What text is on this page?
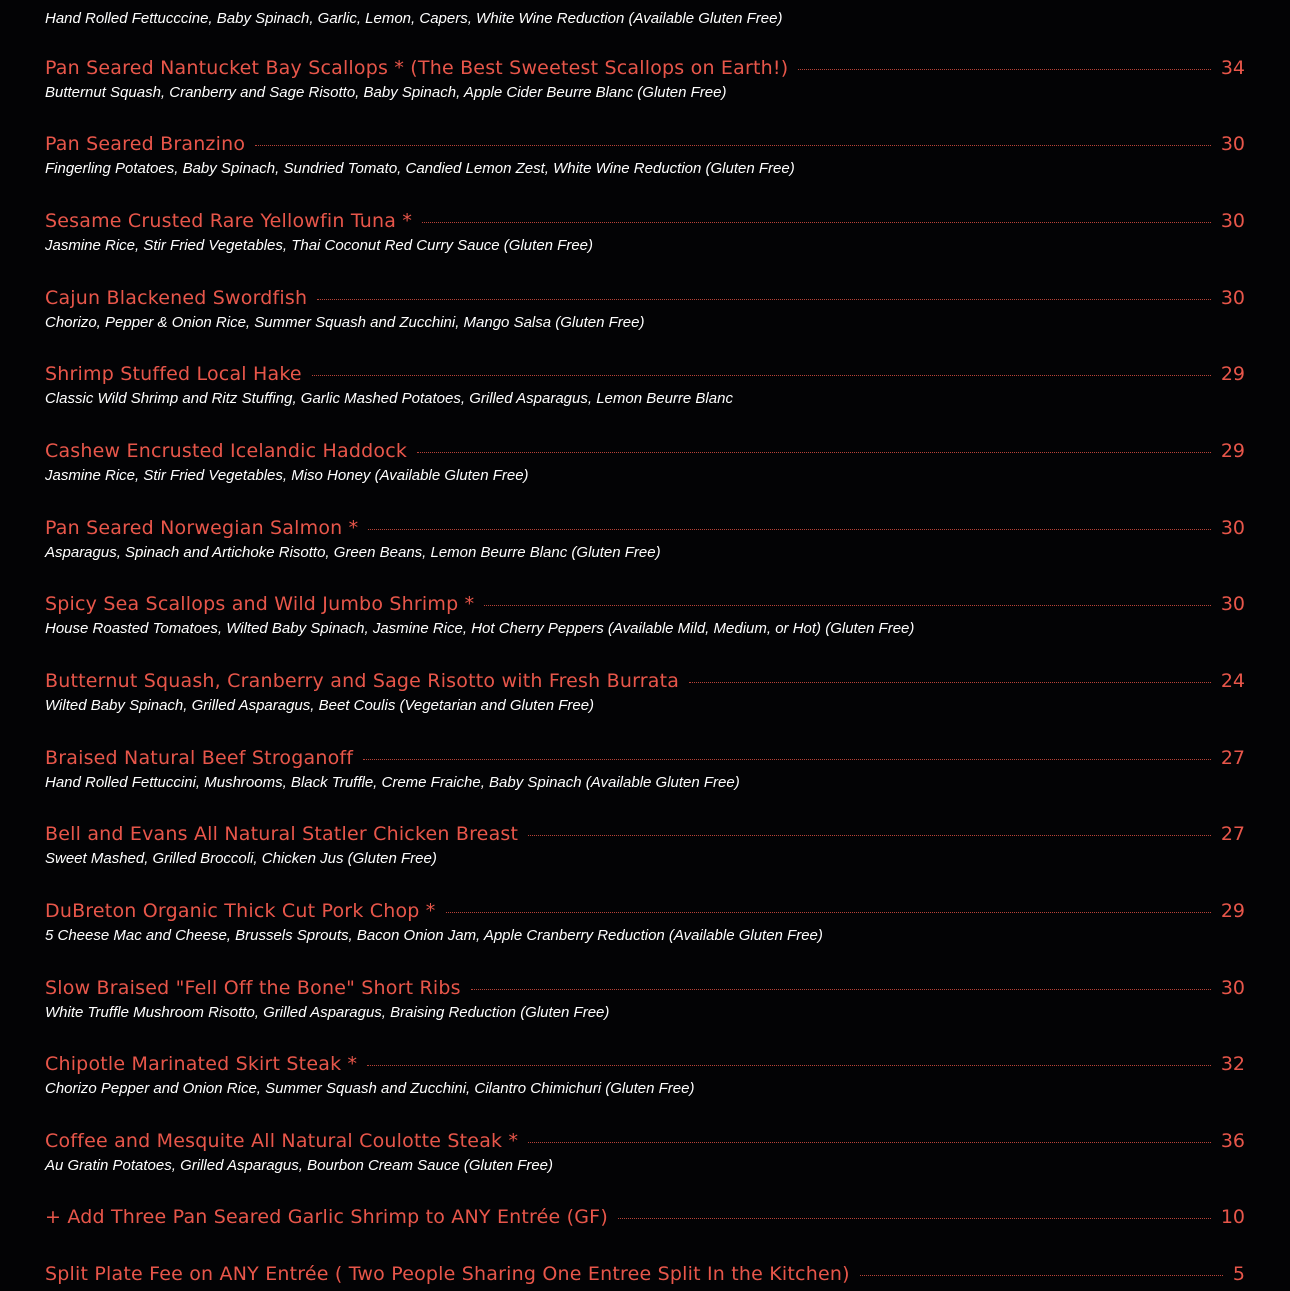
Hand Rolled Fettucccine, Baby Spinach, Garlic, Lemon, Capers, White Wine Reduction (Available Gluten Free)
Pan Seared Nantucket Bay Scallops * (The Best Sweetest Scallops on Earth!)	34
Butternut Squash, Cranberry and Sage Risotto, Baby Spinach, Apple Cider Beurre Blanc (Gluten Free)
Pan Seared Branzino	30
Fingerling Potatoes, Baby Spinach, Sundried Tomato, Candied Lemon Zest, White Wine Reduction (Gluten Free)
Sesame Crusted Rare Yellowfin Tuna *	30
Jasmine Rice, Stir Fried Vegetables, Thai Coconut Red Curry Sauce (Gluten Free)
Cajun Blackened Swordfish	30
Chorizo, Pepper & Onion Rice, Summer Squash and Zucchini, Mango Salsa (Gluten Free)
Shrimp Stuffed Local Hake	29
Classic Wild Shrimp and Ritz Stuffing, Garlic Mashed Potatoes, Grilled Asparagus, Lemon Beurre Blanc
Cashew Encrusted Icelandic Haddock	29
Jasmine Rice, Stir Fried Vegetables, Miso Honey (Available Gluten Free)
Pan Seared Norwegian Salmon *	30
Asparagus, Spinach and Artichoke Risotto, Green Beans, Lemon Beurre Blanc (Gluten Free)
Spicy Sea Scallops and Wild Jumbo Shrimp *	30
House Roasted Tomatoes, Wilted Baby Spinach, Jasmine Rice, Hot Cherry Peppers (Available Mild, Medium, or Hot) (Gluten Free)
Butternut Squash, Cranberry and Sage Risotto with Fresh Burrata	24
Wilted Baby Spinach, Grilled Asparagus, Beet Coulis (Vegetarian and Gluten Free)
Braised Natural Beef Stroganoff	27
Hand Rolled Fettuccini, Mushrooms, Black Truffle, Creme Fraiche, Baby Spinach (Available Gluten Free)
Bell and Evans All Natural Statler Chicken Breast	27
Sweet Mashed, Grilled Broccoli, Chicken Jus (Gluten Free)
DuBreton Organic Thick Cut Pork Chop *	29
5 Cheese Mac and Cheese, Brussels Sprouts, Bacon Onion Jam, Apple Cranberry Reduction (Available Gluten Free)
Slow Braised "Fell Off the Bone" Short Ribs	30
White Truffle Mushroom Risotto, Grilled Asparagus, Braising Reduction (Gluten Free)
Chipotle Marinated Skirt Steak *	32
Chorizo Pepper and Onion Rice, Summer Squash and Zucchini, Cilantro Chimichuri (Gluten Free)
Coffee and Mesquite All Natural Coulotte Steak *	36
Au Gratin Potatoes, Grilled Asparagus, Bourbon Cream Sauce (Gluten Free)
+ Add Three Pan Seared Garlic Shrimp to ANY Entrée (GF)	10
Split Plate Fee on ANY Entrée ( Two People Sharing One Entree Split In the Kitchen)	5
